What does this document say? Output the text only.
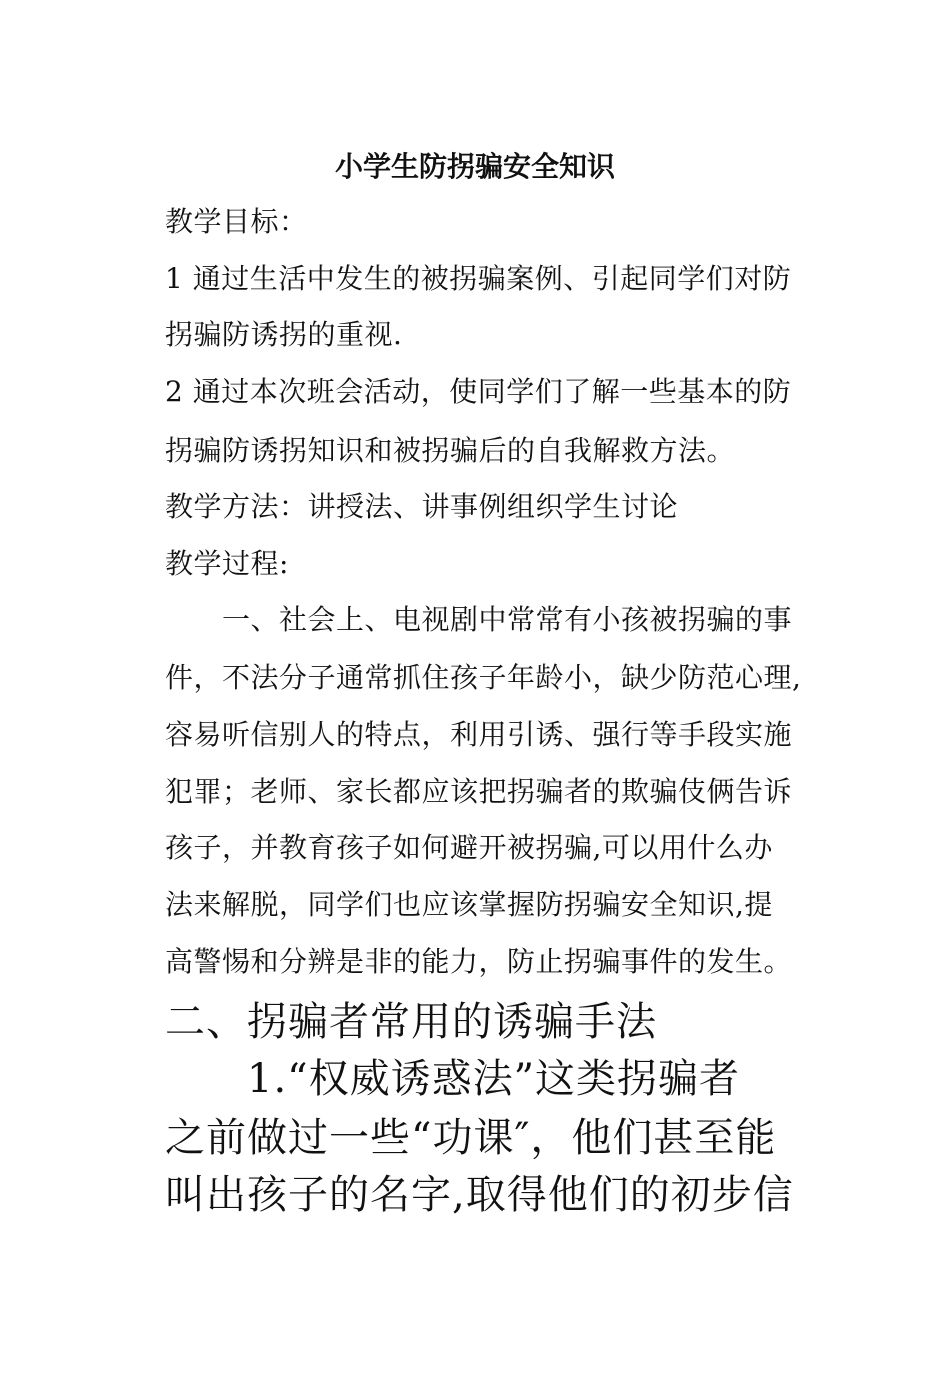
小学生防拐骗安全知识

教学目标：

1 通过生活中发生的被拐骗案例、引起同学们对防

拐骗防诱拐的重视.

2 通过本次班会活动，使同学们了解一些基本的防

拐骗防诱拐知识和被拐骗后的自我解救方法。

教学方法：讲授法、讲事例组织学生讨论

教学过程:

　　一、社会上、电视剧中常常有小孩被拐骗的事

件，不法分子通常抓住孩子年龄小，缺少防范心理,

容易听信别人的特点，利用引诱、强行等手段实施

犯罪；老师、家长都应该把拐骗者的欺骗伎俩告诉

孩子，并教育孩子如何避开被拐骗,可以用什么办

法来解脱，同学们也应该掌握防拐骗安全知识,提

高警惕和分辨是非的能力，防止拐骗事件的发生。

二、拐骗者常用的诱骗手法

　　1.“权威诱惑法”这类拐骗者

之前做过一些“功课″，他们甚至能

叫出孩子的名字,取得他们的初步信
